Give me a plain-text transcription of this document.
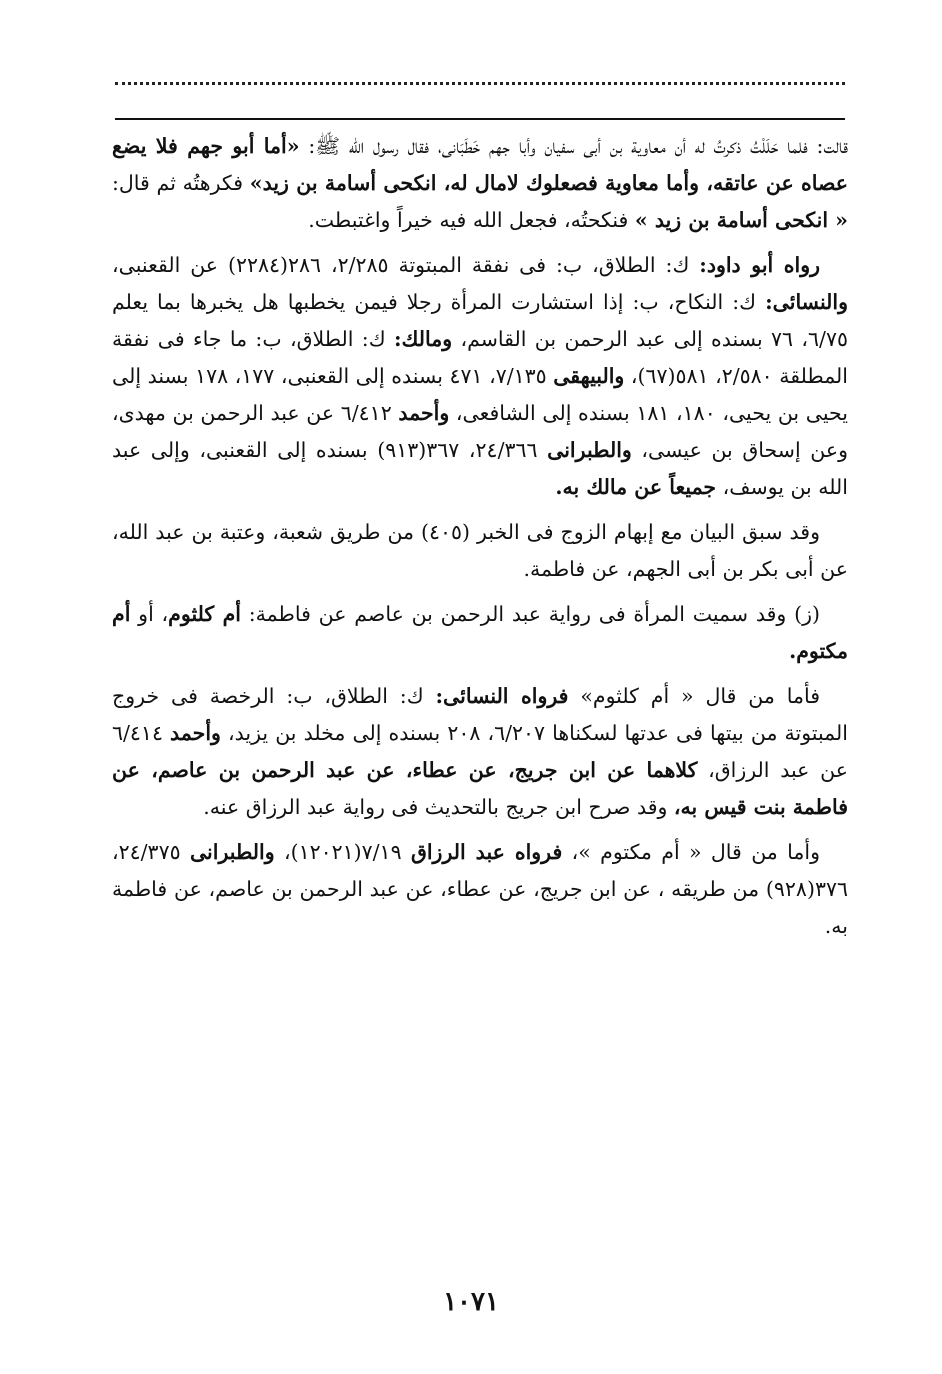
قالت: فلما حَلَلْتُ ذكرتُ له أن معاوية بن أبى سفيان وأبا جهم خَطَبَانى، فقال رسول الله ﷺ: «أما أبو جهم فلا يضع عصاه عن عاتقه، وأما معاوية فصعلوك لامال له، انكحى أسامة بن زيد» فكرهتُه ثم قال: « انكحى أسامة بن زيد » فنكحتُه، فجعل الله فيه خيراً واغتبطت.

رواه أبو داود: ك: الطلاق، ب: فى نفقة المبتوتة ٢/٢٨٥، ٢٨٦(٢٢٨٤) عن القعنبى، والنسائى: ك: النكاح، ب: إذا استشارت المرأة رجلا فيمن يخطبها هل يخبرها بما يعلم ٦/٧٥، ٧٦ بسنده إلى عبد الرحمن بن القاسم، ومالك: ك: الطلاق، ب: ما جاء فى نفقة المطلقة ٢/٥٨٠، ٥٨١(٦٧)، والبيهقى ٧/١٣٥، ٤٧١ بسنده إلى القعنبى، ١٧٧، ١٧٨ بسند إلى يحيى بن يحيى، ١٨٠، ١٨١ بسنده إلى الشافعى، وأحمد ٦/٤١٢ عن عبد الرحمن بن مهدى، وعن إسحاق بن عيسى، والطبرانى ٢٤/٣٦٦، ٣٦٧(٩١٣) بسنده إلى القعنبى، وإلى عبد الله بن يوسف، جميعاً عن مالك به.

وقد سبق البيان مع إبهام الزوج فى الخبر (٤٠٥) من طريق شعبة، وعتبة بن عبد الله، عن أبى بكر بن أبى الجهم، عن فاطمة.

(ز) وقد سميت المرأة فى رواية عبد الرحمن بن عاصم عن فاطمة: أم كلثوم، أو أم مكتوم.

فأما من قال « أم كلثوم» فرواه النسائى: ك: الطلاق، ب: الرخصة فى خروج المبتوتة من بيتها فى عدتها لسكناها ٦/٢٠٧، ٢٠٨ بسنده إلى مخلد بن يزيد، وأحمد ٦/٤١٤ عن عبد الرزاق، كلاهما عن ابن جريج، عن عطاء، عن عبد الرحمن بن عاصم، عن فاطمة بنت قيس به، وقد صرح ابن جريج بالتحديث فى رواية عبد الرزاق عنه.

وأما من قال « أم مكتوم »، فرواه عبد الرزاق ٧/١٩(١٢٠٢١)، والطبرانى ٢٤/٣٧٥، ٣٧٦(٩٢٨) من طريقه ، عن ابن جريج، عن عطاء، عن عبد الرحمن بن عاصم، عن فاطمة به.

١٠٧١
